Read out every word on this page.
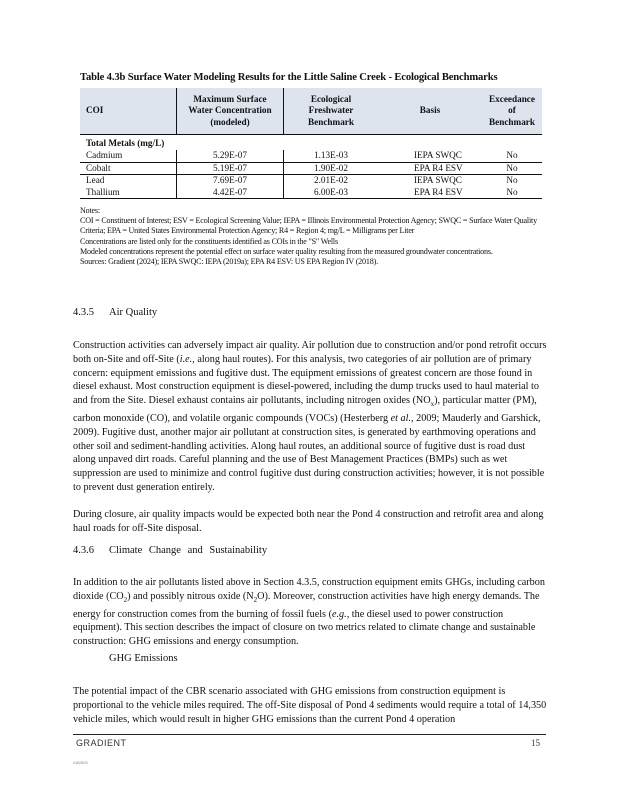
Table 4.3b Surface Water Modeling Results for the Little Saline Creek - Ecological Benchmarks
COI	Maximum Surface Water Concentration (modeled)	Ecological Freshwater Benchmark	Basis	Exceedance of Benchmark
Total Metals (mg/L)				
Cadmium	5.29E-07	1.13E-03	IEPA SWQC	No
Cobalt	5.19E-07	1.90E-02	EPA R4 ESV	No
Lead	7.69E-07	2.01E-02	IEPA SWQC	No
Thallium	4.42E-07	6.00E-03	EPA R4 ESV	No

Notes:

COI = Constituent of Interest; ESV = Ecological Screening Value; IEPA = Illinois Environmental Protection Agency; SWQC = Surface Water Quality Criteria; EPA = United States Environmental Protection Agency; R4 = Region 4; mg/L = Milligrams per Liter

Concentrations are listed only for the constituents identified as COIs in the "S" Wells

Modeled concentrations represent the potential effect on surface water quality resulting from the measured groundwater concentrations.

Sources: Gradient (2024); IEPA SWQC: IEPA (2019a); EPA R4 ESV: US EPA Region IV (2018).

4.3.5 Air Quality

Construction activities can adversely impact air quality. Air pollution due to construction and/or pond retrofit occurs both on-Site and off-Site (i.e., along haul routes). For this analysis, two categories of air pollution are of primary concern: equipment emissions and fugitive dust. The equipment emissions of greatest concern are those found in diesel exhaust. Most construction equipment is diesel-powered, including the dump trucks used to haul material to and from the Site. Diesel exhaust contains air pollutants, including nitrogen oxides $(NO_x)$, particular matter (PM), carbon monoxide (CO), and volatile organic compounds (VOCs) (Hesterberg et al., 2009; Mauderly and Garshick, 2009). Fugitive dust, another major air pollutant at construction sites, is generated by earthmoving operations and other soil and sediment-handling activities. Along haul routes, an additional source of fugitive dust is road dust along unpaved dirt roads. Careful planning and the use of Best Management Practices (BMPs) such as wet suppression are used to minimize and control fugitive dust during construction activities; however, it is not possible to prevent dust generation entirely.

During closure, air quality impacts would be expected both near the Pond 4 construction and retrofit area and along haul roads for off-Site disposal.

4.3.6 Climate Change and Sustainability

In addition to the air pollutants listed above in Section 4.3.5, construction equipment emits GHGs, including carbon dioxide $(CO_2)$ and possibly nitrous oxide $(N_2O)$. Moreover, construction activities have high energy demands. The energy for construction comes from the burning of fossil fuels (e.g., the diesel used to power construction equipment). This section describes the impact of closure on two metrics related to climate change and sustainable construction: GHG emissions and energy consumption.

GHG Emissions

The potential impact of the CBR scenario associated with GHG emissions from construction equipment is proportional to the vehicle miles required. The off-Site disposal of Pond 4 sediments would require a total of 14,350 vehicle miles, which would result in higher GHG emissions than the current Pond 4 operation

GRADIENT	15
r082825
